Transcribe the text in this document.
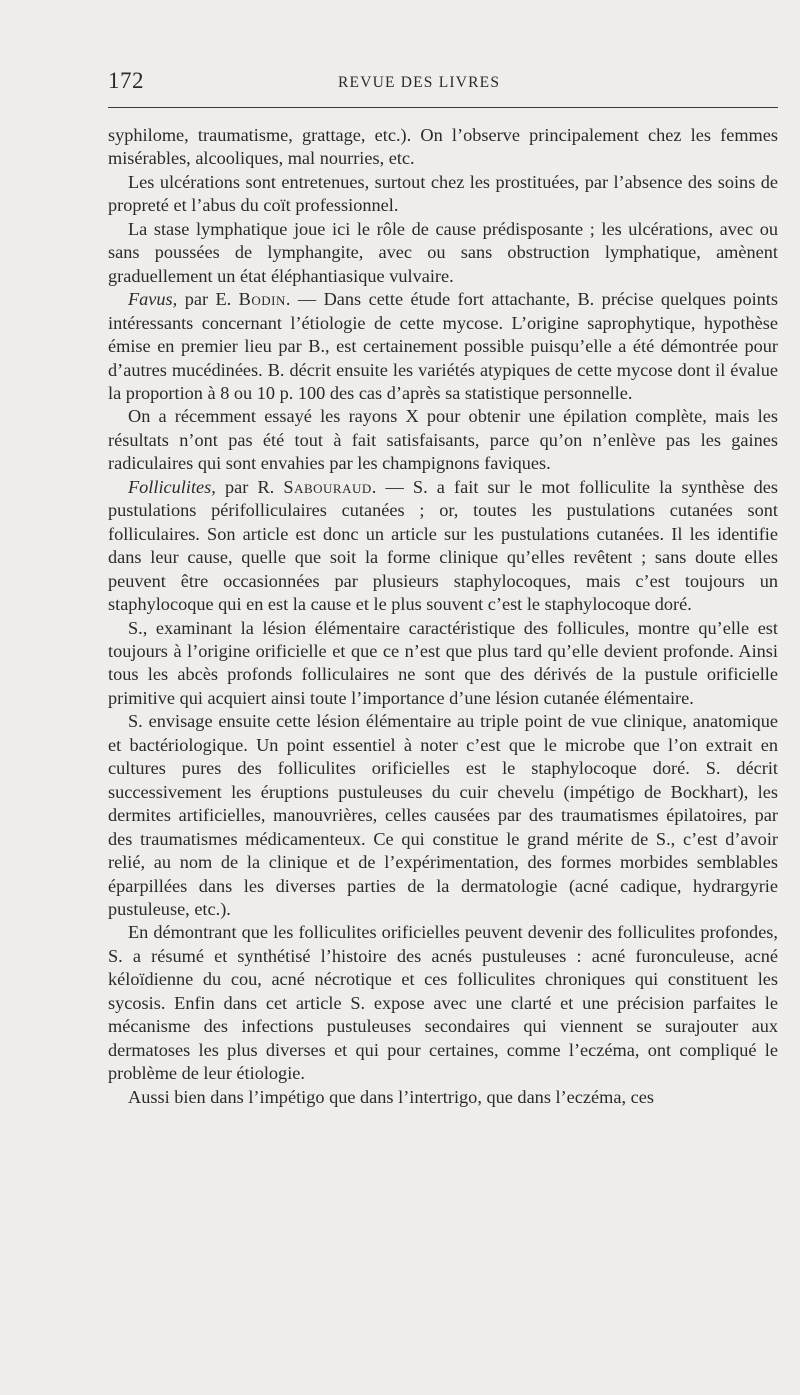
172	REVUE DES LIVRES

syphilome, traumatisme, grattage, etc.). On l’observe principalement chez les femmes misérables, alcooliques, mal nourries, etc.

Les ulcérations sont entretenues, surtout chez les prostituées, par l’absence des soins de propreté et l’abus du coït professionnel.

La stase lymphatique joue ici le rôle de cause prédisposante ; les ulcérations, avec ou sans poussées de lymphangite, avec ou sans obstruction lymphatique, amènent graduellement un état éléphantiasique vulvaire.

Favus, par E. Bodin. — Dans cette étude fort attachante, B. précise quelques points intéressants concernant l’étiologie de cette mycose. L’origine saprophytique, hypothèse émise en premier lieu par B., est certainement possible puisqu’elle a été démontrée pour d’autres mucédinées. B. décrit ensuite les variétés atypiques de cette mycose dont il évalue la proportion à 8 ou 10 p. 100 des cas d’après sa statistique personnelle.

On a récemment essayé les rayons X pour obtenir une épilation complète, mais les résultats n’ont pas été tout à fait satisfaisants, parce qu’on n’enlève pas les gaines radiculaires qui sont envahies par les champignons faviques.

Folliculites, par R. Sabouraud. — S. a fait sur le mot folliculite la synthèse des pustulations périfolliculaires cutanées ; or, toutes les pustulations cutanées sont folliculaires. Son article est donc un article sur les pustulations cutanées. Il les identifie dans leur cause, quelle que soit la forme clinique qu’elles revêtent ; sans doute elles peuvent être occasionnées par plusieurs staphylocoques, mais c’est toujours un staphylocoque qui en est la cause et le plus souvent c’est le staphylocoque doré.

S., examinant la lésion élémentaire caractéristique des follicules, montre qu’elle est toujours à l’origine orificielle et que ce n’est que plus tard qu’elle devient profonde. Ainsi tous les abcès profonds folliculaires ne sont que des dérivés de la pustule orificielle primitive qui acquiert ainsi toute l’importance d’une lésion cutanée élémentaire.

S. envisage ensuite cette lésion élémentaire au triple point de vue clinique, anatomique et bactériologique. Un point essentiel à noter c’est que le microbe que l’on extrait en cultures pures des folliculites orificielles est le staphylocoque doré. S. décrit successivement les éruptions pustuleuses du cuir chevelu (impétigo de Bockhart), les dermites artificielles, manouvrières, celles causées par des traumatismes épilatoires, par des traumatismes médicamenteux. Ce qui constitue le grand mérite de S., c’est d’avoir relié, au nom de la clinique et de l’expérimentation, des formes morbides semblables éparpillées dans les diverses parties de la dermatologie (acné cadique, hydrargyrie pustuleuse, etc.).

En démontrant que les folliculites orificielles peuvent devenir des folliculites profondes, S. a résumé et synthétisé l’histoire des acnés pustuleuses : acné furonculeuse, acné kéloïdienne du cou, acné nécrotique et ces folliculites chroniques qui constituent les sycosis. Enfin dans cet article S. expose avec une clarté et une précision parfaites le mécanisme des infections pustuleuses secondaires qui viennent se surajouter aux dermatoses les plus diverses et qui pour certaines, comme l’eczéma, ont compliqué le problème de leur étiologie.

Aussi bien dans l’impétigo que dans l’intertrigo, que dans l’eczéma, ces
